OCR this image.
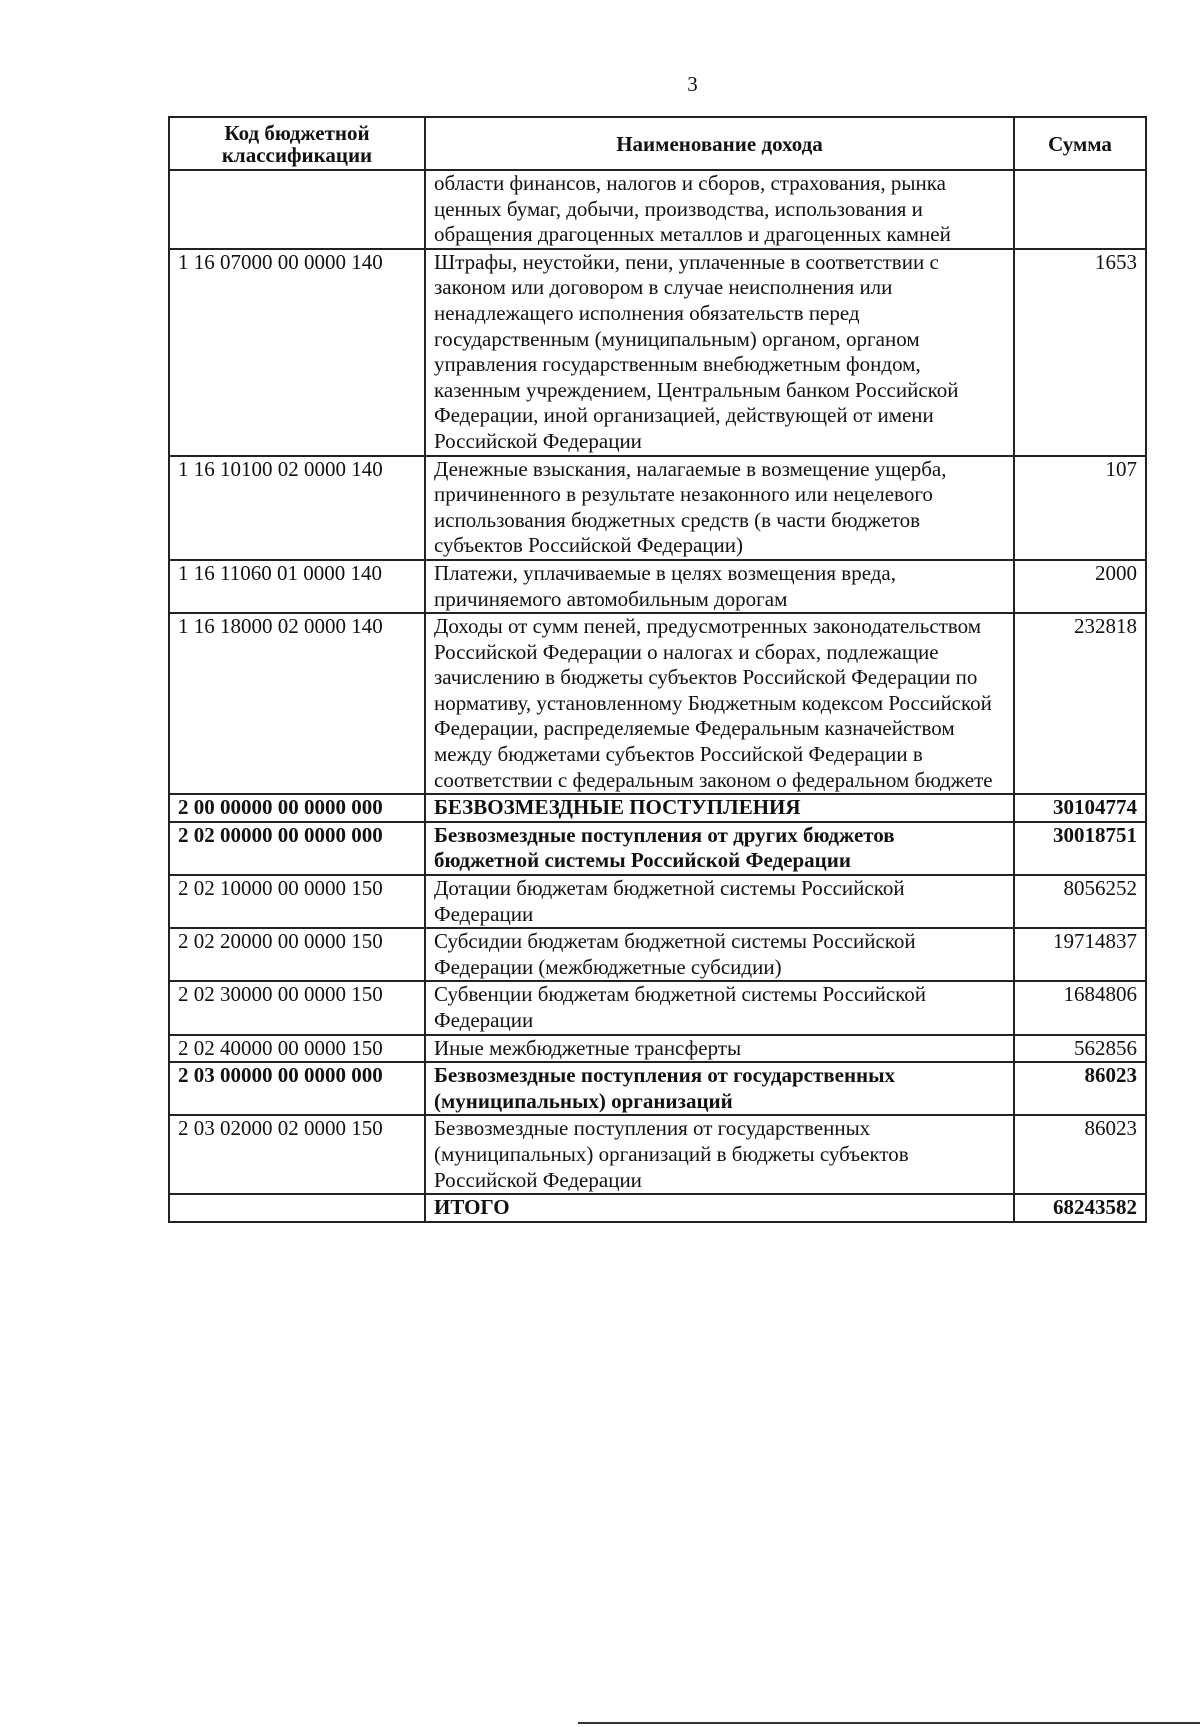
3
Код бюджетной классификации	Наименование дохода	Сумма
	области финансов, налогов и сборов, страхования, рынка ценных бумаг, добычи, производства, использования и обращения драгоценных металлов и драгоценных камней	
1 16 07000 00 0000 140	Штрафы, неустойки, пени, уплаченные в соответствии с законом или договором в случае неисполнения или ненадлежащего исполнения обязательств перед государственным (муниципальным) органом, органом управления государственным внебюджетным фондом, казенным учреждением, Центральным банком Российской Федерации, иной организацией, действующей от имени Российской Федерации	1653
1 16 10100 02 0000 140	Денежные взыскания, налагаемые в возмещение ущерба, причиненного в результате незаконного или нецелевого использования бюджетных средств (в части бюджетов субъектов Российской Федерации)	107
1 16 11060 01 0000 140	Платежи, уплачиваемые в целях возмещения вреда, причиняемого автомобильным дорогам	2000
1 16 18000 02 0000 140	Доходы от сумм пеней, предусмотренных законодательством Российской Федерации о налогах и сборах, подлежащие зачислению в бюджеты субъектов Российской Федерации по нормативу, установленному Бюджетным кодексом Российской Федерации, распределяемые Федеральным казначейством между бюджетами субъектов Российской Федерации в соответствии с федеральным законом о федеральном бюджете	232818
2 00 00000 00 0000 000	БЕЗВОЗМЕЗДНЫЕ ПОСТУПЛЕНИЯ	30104774
2 02 00000 00 0000 000	Безвозмездные поступления от других бюджетов бюджетной системы Российской Федерации	30018751
2 02 10000 00 0000 150	Дотации бюджетам бюджетной системы Российской Федерации	8056252
2 02 20000 00 0000 150	Субсидии бюджетам бюджетной системы Российской Федерации (межбюджетные субсидии)	19714837
2 02 30000 00 0000 150	Субвенции бюджетам бюджетной системы Российской Федерации	1684806
2 02 40000 00 0000 150	Иные межбюджетные трансферты	562856
2 03 00000 00 0000 000	Безвозмездные поступления от государственных (муниципальных) организаций	86023
2 03 02000 02 0000 150	Безвозмездные поступления от государственных (муниципальных) организаций в бюджеты субъектов Российской Федерации	86023
	ИТОГО	68243582
